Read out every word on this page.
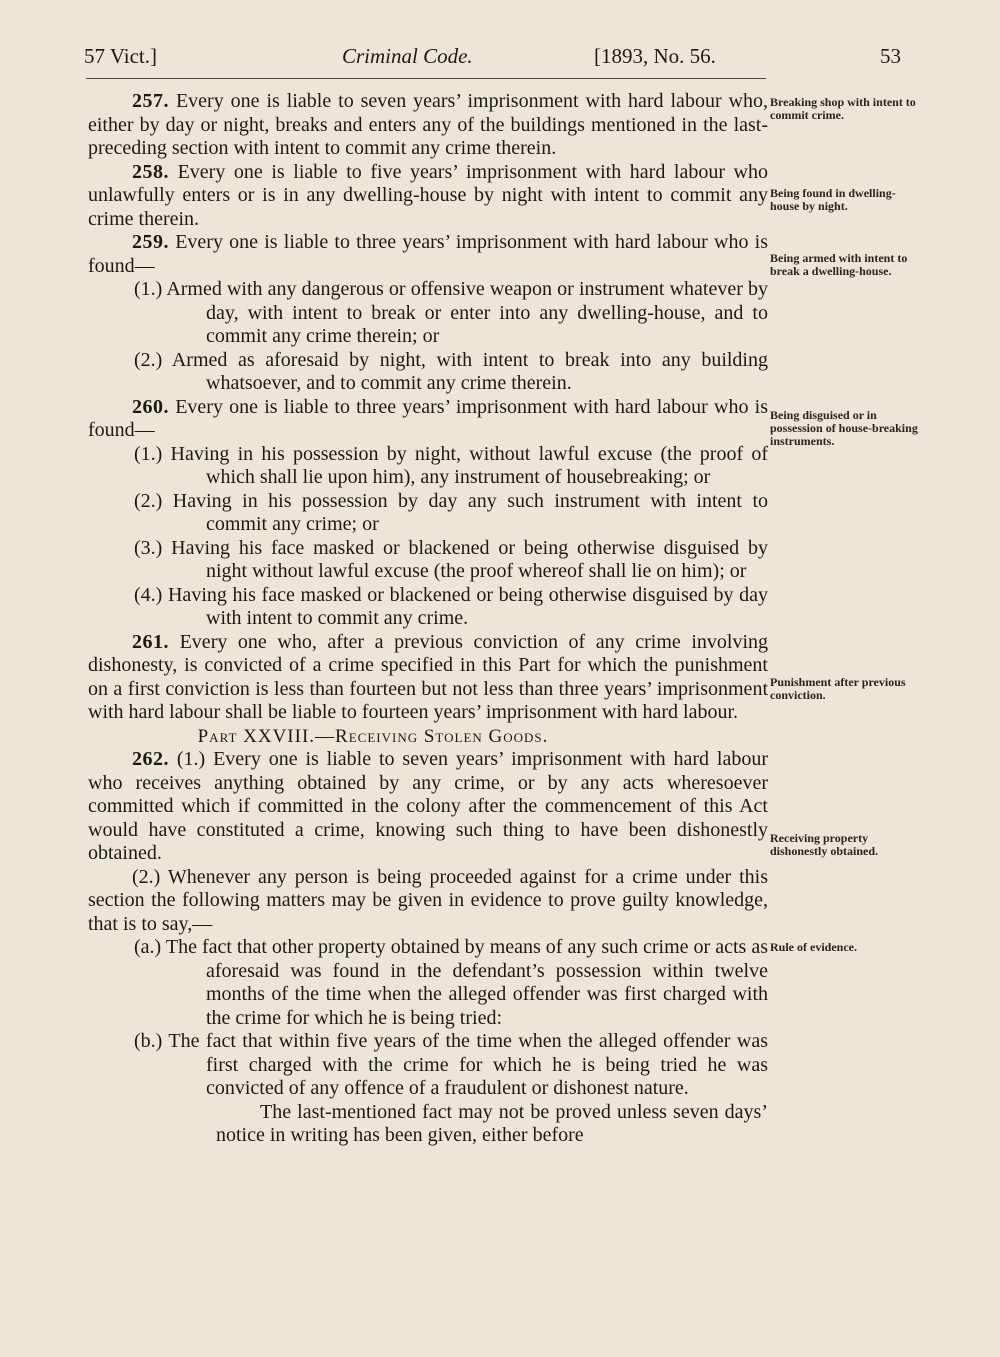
57 Vict.]	Criminal Code.	[1893, No. 56.	53

257. Every one is liable to seven years’ imprisonment with hard labour who, either by day or night, breaks and enters any of the buildings mentioned in the last-preceding section with intent to commit any crime therein.

258. Every one is liable to five years’ imprisonment with hard labour who unlawfully enters or is in any dwelling-house by night with intent to commit any crime therein.

259. Every one is liable to three years’ imprisonment with hard labour who is found—

(1.) Armed with any dangerous or offensive weapon or instrument whatever by day, with intent to break or enter into any dwelling-house, and to commit any crime therein; or

(2.) Armed as aforesaid by night, with intent to break into any building whatsoever, and to commit any crime therein.

260. Every one is liable to three years’ imprisonment with hard labour who is found—

(1.) Having in his possession by night, without lawful excuse (the proof of which shall lie upon him), any instrument of housebreaking; or

(2.) Having in his possession by day any such instrument with intent to commit any crime; or

(3.) Having his face masked or blackened or being otherwise disguised by night without lawful excuse (the proof whereof shall lie on him); or

(4.) Having his face masked or blackened or being otherwise disguised by day with intent to commit any crime.

261. Every one who, after a previous conviction of any crime involving dishonesty, is convicted of a crime specified in this Part for which the punishment on a first conviction is less than fourteen but not less than three years’ imprisonment with hard labour shall be liable to fourteen years’ imprisonment with hard labour.

Part XXVIII.—Receiving Stolen Goods.

262. (1.) Every one is liable to seven years’ imprisonment with hard labour who receives anything obtained by any crime, or by any acts wheresoever committed which if committed in the colony after the commencement of this Act would have constituted a crime, knowing such thing to have been dishonestly obtained.

(2.) Whenever any person is being proceeded against for a crime under this section the following matters may be given in evidence to prove guilty knowledge, that is to say,—

(a.) The fact that other property obtained by means of any such crime or acts as aforesaid was found in the defendant’s possession within twelve months of the time when the alleged offender was first charged with the crime for which he is being tried:

(b.) The fact that within five years of the time when the alleged offender was first charged with the crime for which he is being tried he was convicted of any offence of a fraudulent or dishonest nature.

The last-mentioned fact may not be proved unless seven days’ notice in writing has been given, either before

Breaking shop with intent to commit crime.
Being found in dwelling-house by night.
Being armed with intent to break a dwelling-house.
Being disguised or in possession of house-breaking instruments.
Punishment after previous conviction.
Receiving property dishonestly obtained.
Rule of evidence.
